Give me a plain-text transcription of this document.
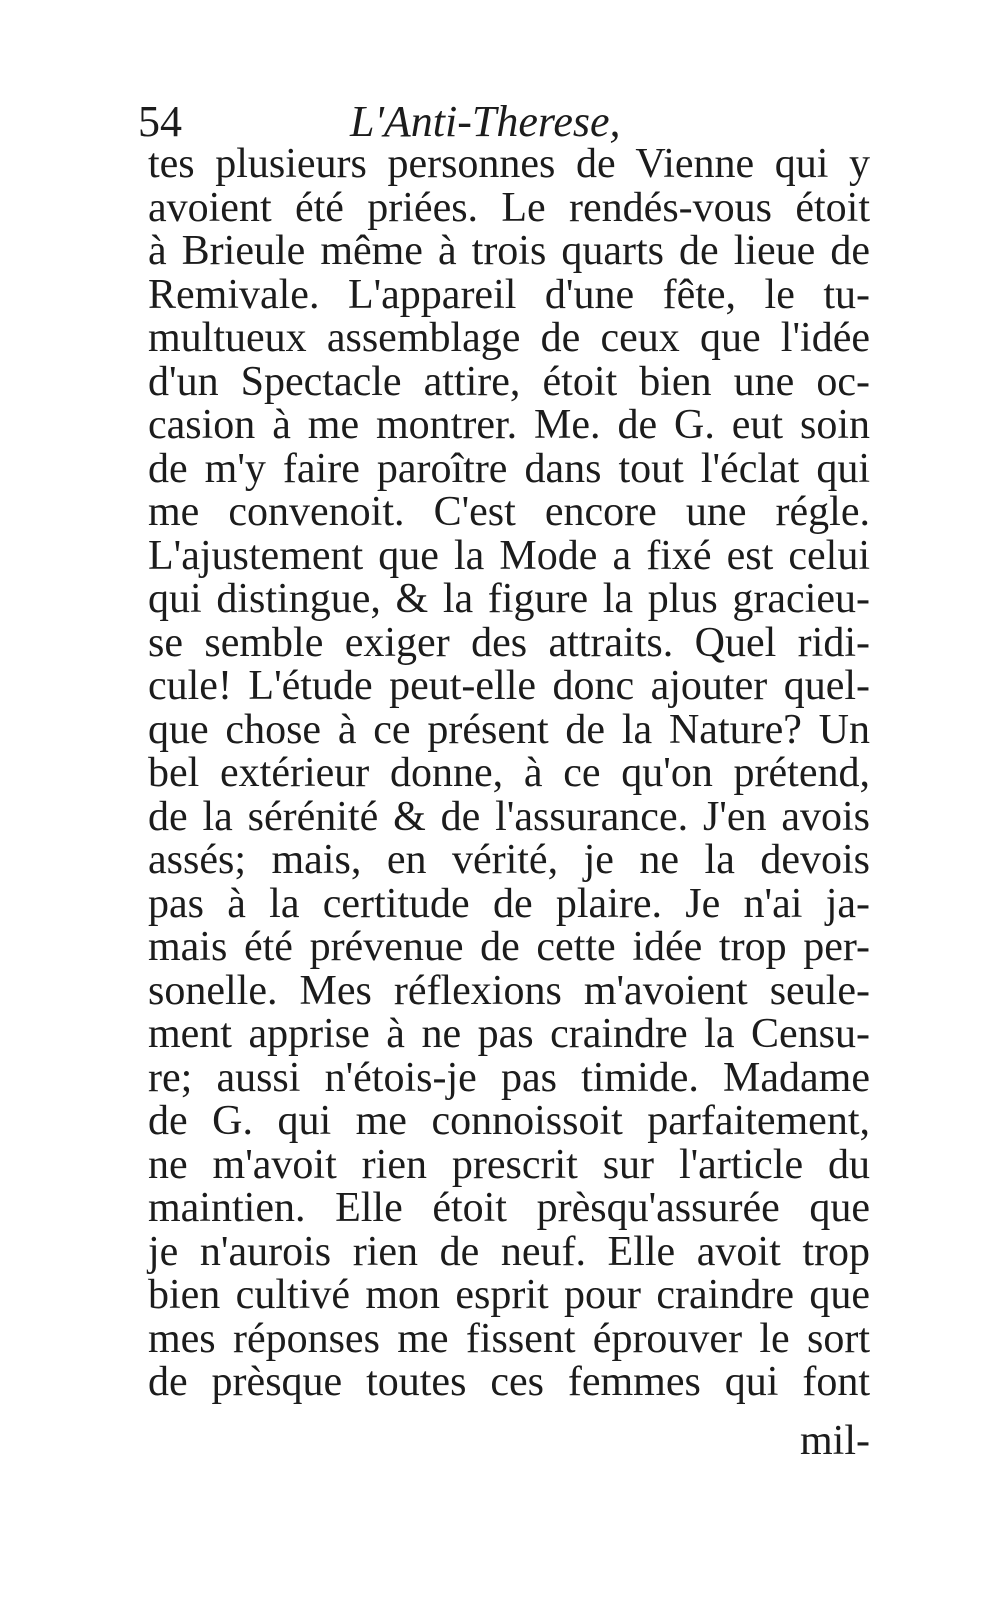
54	L'Anti-Therese,
tes plusieurs personnes de Vienne qui y
avoient été priées. Le rendés-vous étoit
à Brieule même à trois quarts de lieue de
Remivale. L'appareil d'une fête, le tu-
multueux assemblage de ceux que l'idée
d'un Spectacle attire, étoit bien une oc-
casion à me montrer. Me. de G. eut soin
de m'y faire paroître dans tout l'éclat qui
me convenoit. C'est encore une régle.
L'ajustement que la Mode a fixé est celui
qui distingue, & la figure la plus gracieu-
se semble exiger des attraits. Quel ridi-
cule! L'étude peut-elle donc ajouter quel-
que chose à ce présent de la Nature? Un
bel extérieur donne, à ce qu'on prétend,
de la sérénité & de l'assurance. J'en avois
assés; mais, en vérité, je ne la devois
pas à la certitude de plaire. Je n'ai ja-
mais été prévenue de cette idée trop per-
sonelle. Mes réflexions m'avoient seule-
ment apprise à ne pas craindre la Censu-
re; aussi n'étois-je pas timide. Madame
de G. qui me connoissoit parfaitement,
ne m'avoit rien prescrit sur l'article du
maintien. Elle étoit prèsqu'assurée que
je n'aurois rien de neuf. Elle avoit trop
bien cultivé mon esprit pour craindre que
mes réponses me fissent éprouver le sort
de prèsque toutes ces femmes qui font
mil-
